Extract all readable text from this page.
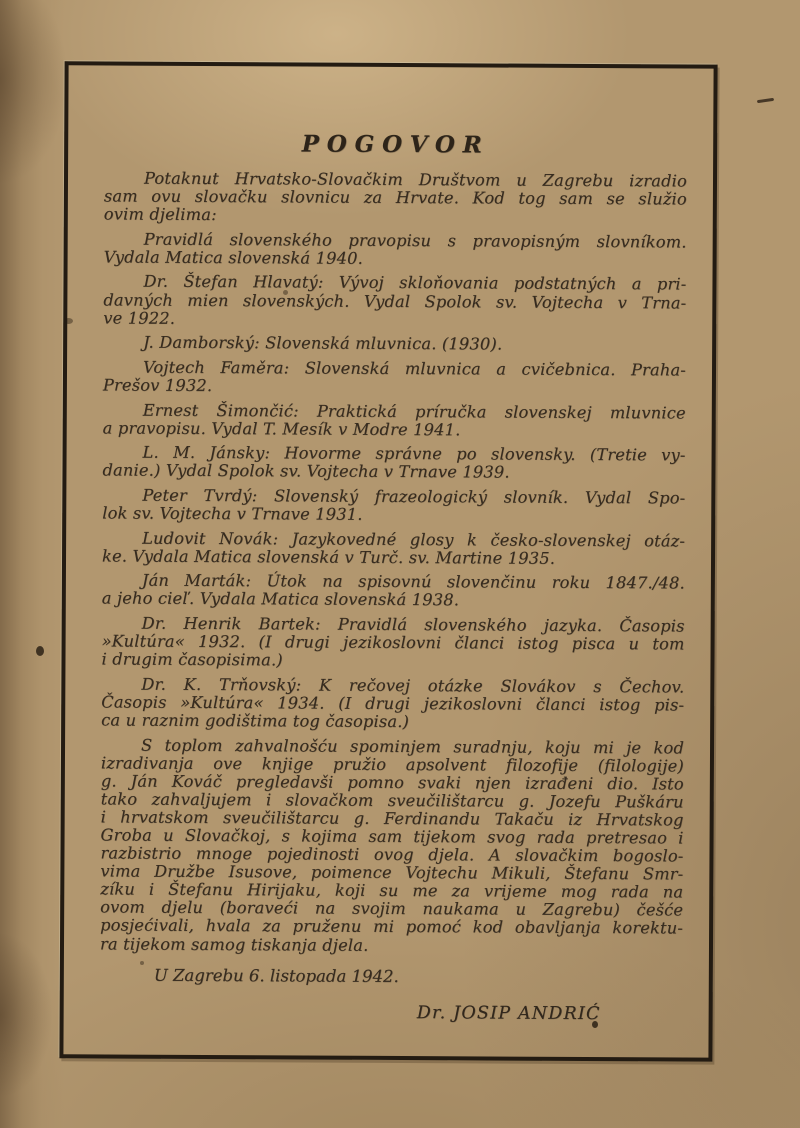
POGOVOR
Potaknut Hrvatsko-Slovačkim Društvom u Zagrebu izradio
sam ovu slovačku slovnicu za Hrvate. Kod tog sam se služio
ovim djelima:
Pravidlá slovenského pravopisu s pravopisným slovníkom.
Vydala Matica slovenská 1940.
Dr. Štefan Hlavatý: Vývoj skloňovania podstatných a pri-
davných mien slovenských. Vydal Spolok sv. Vojtecha v Trna-
ve 1922.
J. Damborský: Slovenská mluvnica. (1930).
Vojtech Faměra: Slovenská mluvnica a cvičebnica. Praha-
Prešov 1932.
Ernest Šimončić: Praktická príručka slovenskej mluvnice
a pravopisu. Vydal T. Mesík v Modre 1941.
L. M. Jánsky: Hovorme správne po slovensky. (Tretie vy-
danie.) Vydal Spolok sv. Vojtecha v Trnave 1939.
Peter Tvrdý: Slovenský frazeologický slovník. Vydal Spo-
lok sv. Vojtecha v Trnave 1931.
Ludovit Novák: Jazykovedné glosy k česko-slovenskej otáz-
ke. Vydala Matica slovenská v Turč. sv. Martine 1935.
Ján Marták: Útok na spisovnú slovenčinu roku 1847./48.
a jeho cieľ. Vydala Matica slovenská 1938.
Dr. Henrik Bartek: Pravidlá slovenského jazyka. Časopis
»Kultúra« 1932. (I drugi jezikoslovni članci istog pisca u tom
i drugim časopisima.)
Dr. K. Trňovský: K rečovej otázke Slovákov s Čechov.
Časopis »Kultúra« 1934. (I drugi jezikoslovni članci istog pis-
ca u raznim godištima tog časopisa.)
S toplom zahvalnošću spominjem suradnju, koju mi je kod
izradivanja ove knjige pružio apsolvent filozofije (filologije)
g. Ján Kováč pregledavši pomno svaki njen izrađeni dio. Isto
tako zahvaljujem i slovačkom sveučilištarcu g. Jozefu Puškáru
i hrvatskom sveučilištarcu g. Ferdinandu Takaču iz Hrvatskog
Groba u Slovačkoj, s kojima sam tijekom svog rada pretresao i
razbistrio mnoge pojedinosti ovog djela. A slovačkim bogoslo-
vima Družbe Isusove, poimence Vojtechu Mikuli, Štefanu Smr-
zíku i Štefanu Hirijaku, koji su me za vrijeme mog rada na
ovom djelu (boraveći na svojim naukama u Zagrebu) češće
posjećivali, hvala za pruženu mi pomoć kod obavljanja korektu-
ra tijekom samog tiskanja djela.
U Zagrebu 6. listopada 1942.
Dr. JOSIP ANDRIĆ
